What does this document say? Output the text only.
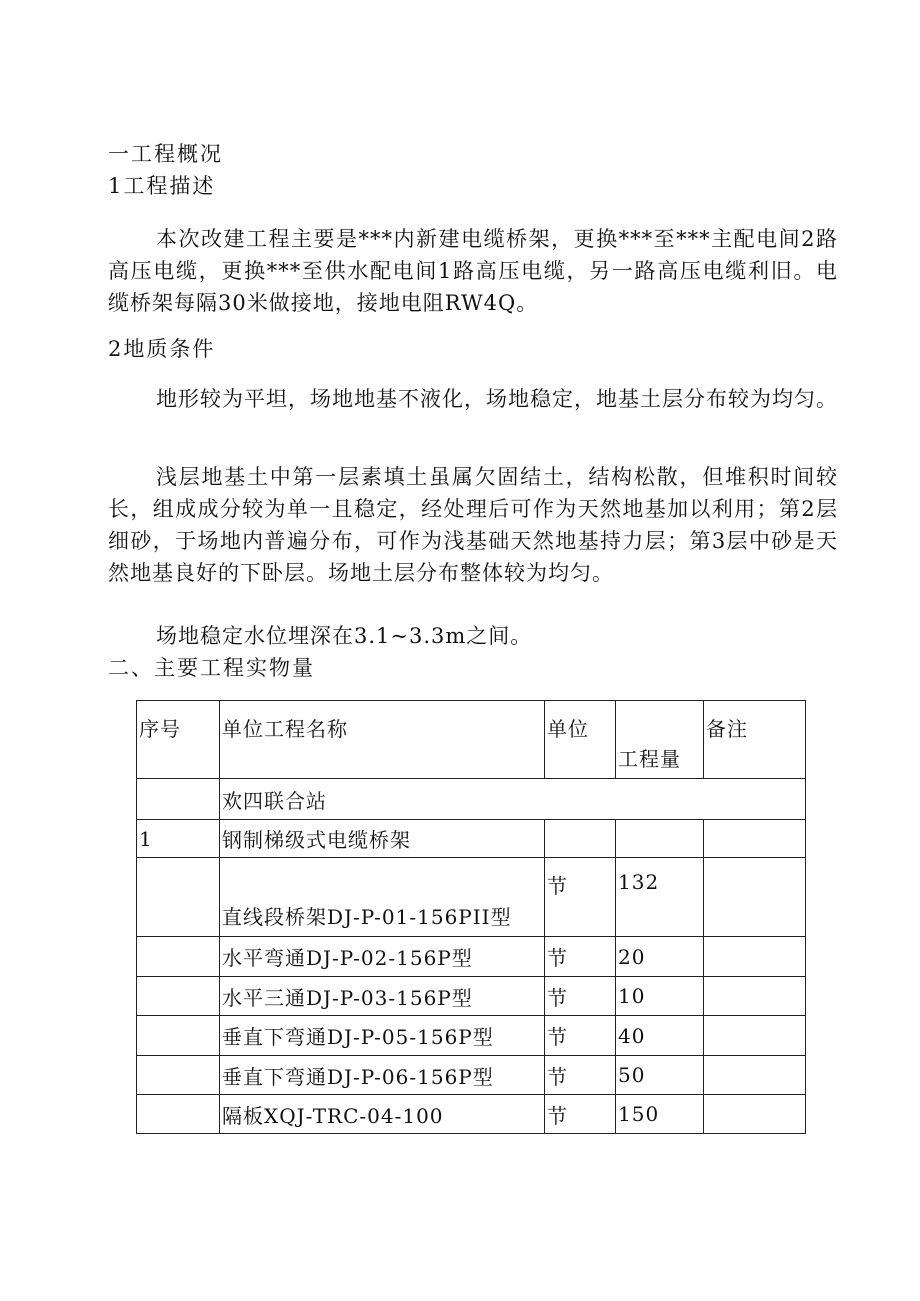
一工程概况
1工程描述
本次改建工程主要是***内新建电缆桥架，更换***至***主配电间2路高压电缆，更换***至供水配电间1路高压电缆，另一路高压电缆利旧。电缆桥架每隔30米做接地，接地电阻RW4Q。
2地质条件
地形较为平坦，场地地基不液化，场地稳定，地基土层分布较为均匀。
浅层地基土中第一层素填土虽属欠固结土，结构松散，但堆积时间较长，组成成分较为单一且稳定，经处理后可作为天然地基加以利用；第2层细砂，于场地内普遍分布，可作为浅基础天然地基持力层；第3层中砂是天然地基良好的下卧层。场地土层分布整体较为均匀。
场地稳定水位埋深在3.1~3.3m之间。
二、主要工程实物量
序号	单位工程名称	单位	工程量	备注
	欢四联合站			
1	钢制梯级式电缆桥架			
	直线段桥架DJ-P-01-156PII型	节	132	
	水平弯通DJ-P-02-156P型	节	20	
	水平三通DJ-P-03-156P型	节	10	
	垂直下弯通DJ-P-05-156P型	节	40	
	垂直下弯通DJ-P-06-156P型	节	50	
	隔板XQJ-TRC-04-100	节	150	
